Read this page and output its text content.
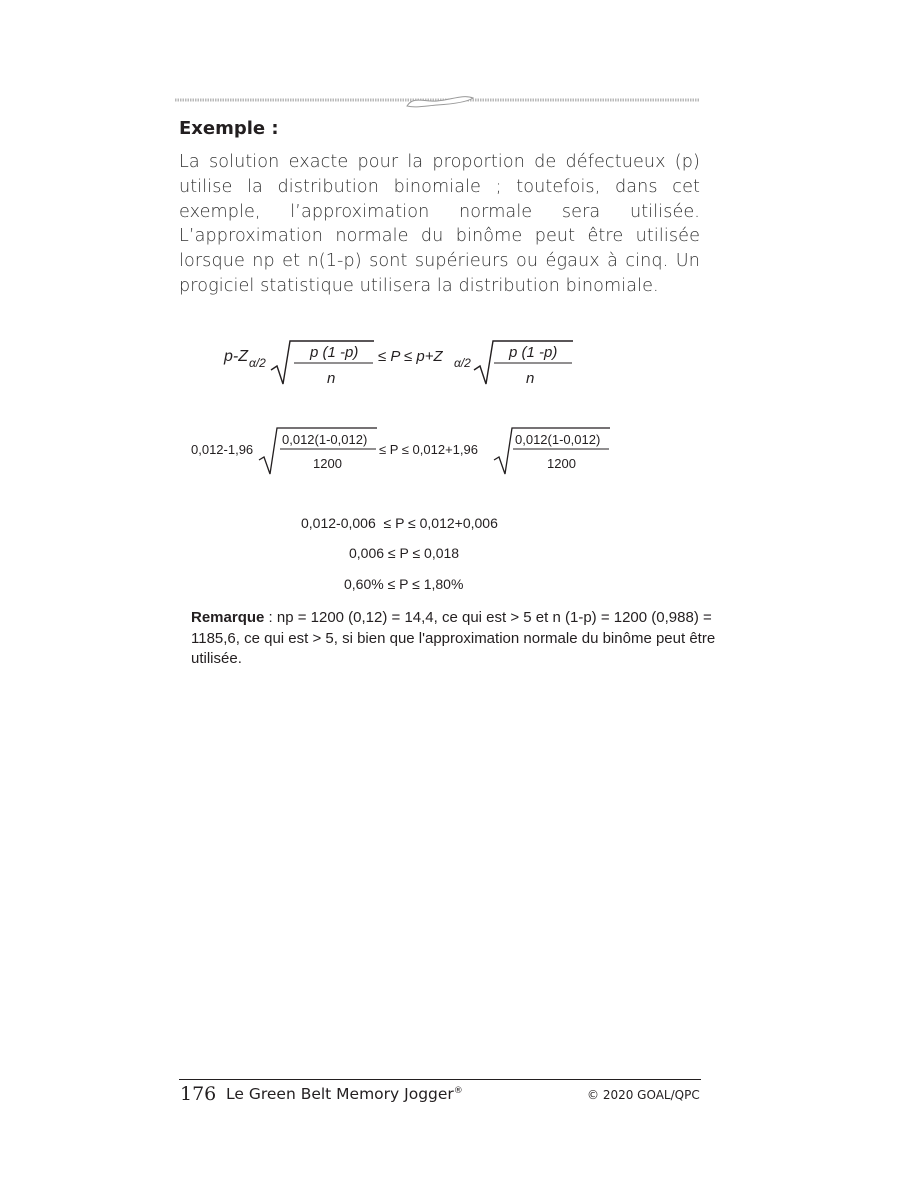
Exemple :

La solution exacte pour la proportion de défectueux (p) utilise la distribution binomiale ; toutefois, dans cet exemple, l’approximation normale sera utilisée. L’approximation normale du binôme peut être utilisée lorsque np et n(1-p) sont supérieurs ou égaux à cinq. Un progiciel statistique utilisera la distribution binomiale.

p-Z α/2
p (1 -p)
n
≤ P ≤ p+Z α/2
p (1 -p)
n
0,012-1,96
0,012(1-0,012)
1200
≤ P ≤ 0,012+1,96
0,012(1-0,012)
1200
0,012-0,006  ≤ P ≤ 0,012+0,006
0,006 ≤ P ≤ 0,018
0,60% ≤ P ≤ 1,80%

Remarque : np = 1200 (0,12) = 14,4, ce qui est > 5 et n (1-p) = 1200 (0,988) = 1185,6, ce qui est > 5, si bien que l'approximation normale du binôme peut être utilisée.

176 Le Green Belt Memory Jogger®	© 2020 GOAL/QPC
